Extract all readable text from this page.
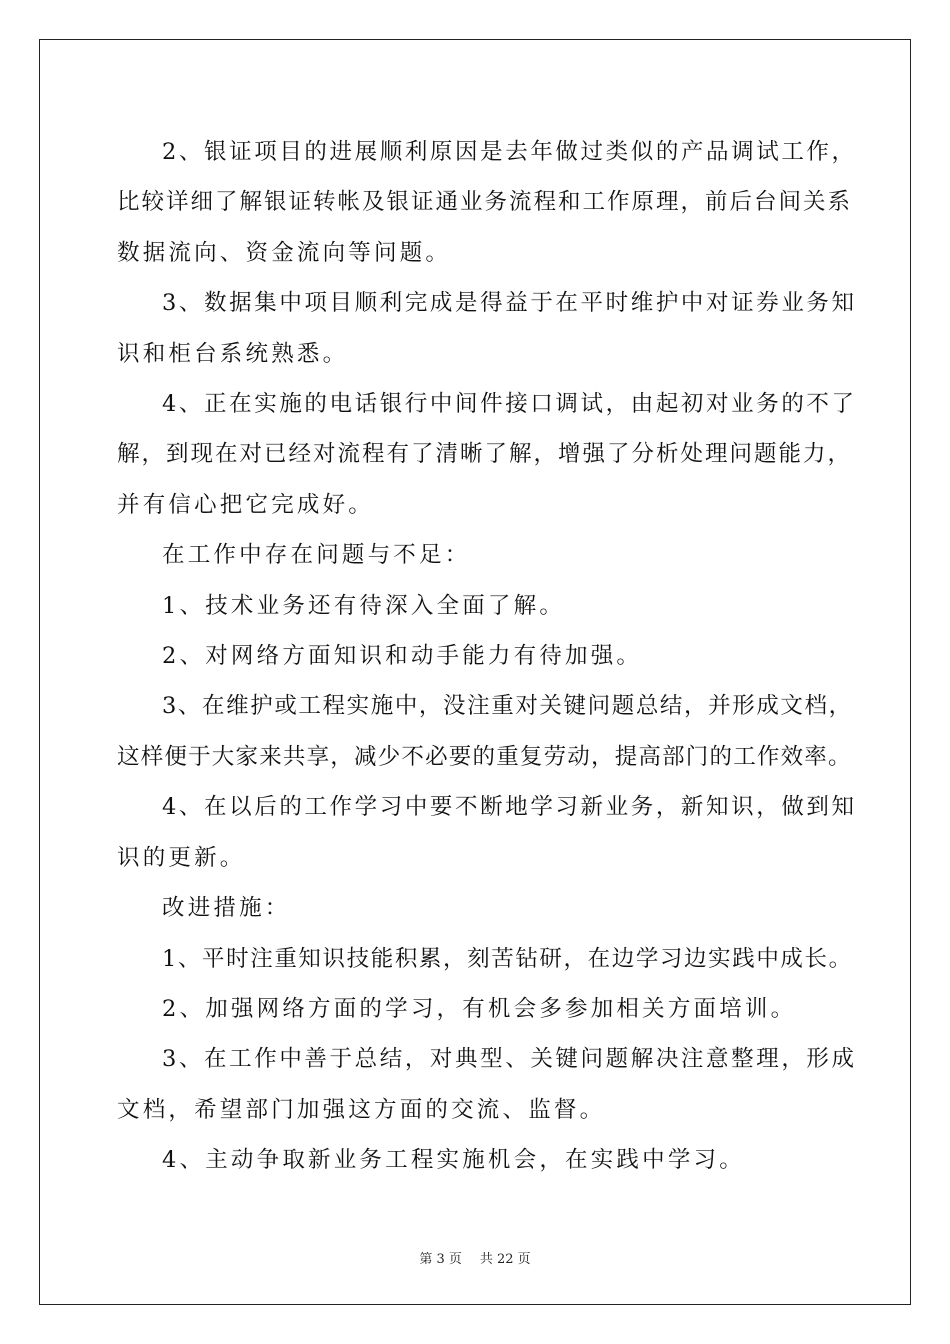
2、银证项目的进展顺利原因是去年做过类似的产品调试工作，

比较详细了解银证转帐及银证通业务流程和工作原理，前后台间关系

数据流向、资金流向等问题。

3、数据集中项目顺利完成是得益于在平时维护中对证券业务知

识和柜台系统熟悉。

4、正在实施的电话银行中间件接口调试，由起初对业务的不了

解，到现在对已经对流程有了清晰了解，增强了分析处理问题能力，

并有信心把它完成好。

在工作中存在问题与不足：

1、技术业务还有待深入全面了解。

2、对网络方面知识和动手能力有待加强。

3、在维护或工程实施中，没注重对关键问题总结，并形成文档，

这样便于大家来共享，减少不必要的重复劳动，提高部门的工作效率。

4、在以后的工作学习中要不断地学习新业务，新知识，做到知

识的更新。

改进措施：

1、平时注重知识技能积累，刻苦钻研，在边学习边实践中成长。

2、加强网络方面的学习，有机会多参加相关方面培训。

3、在工作中善于总结，对典型、关键问题解决注意整理，形成

文档，希望部门加强这方面的交流、监督。

4、主动争取新业务工程实施机会，在实践中学习。

第 3 页 共 22 页
